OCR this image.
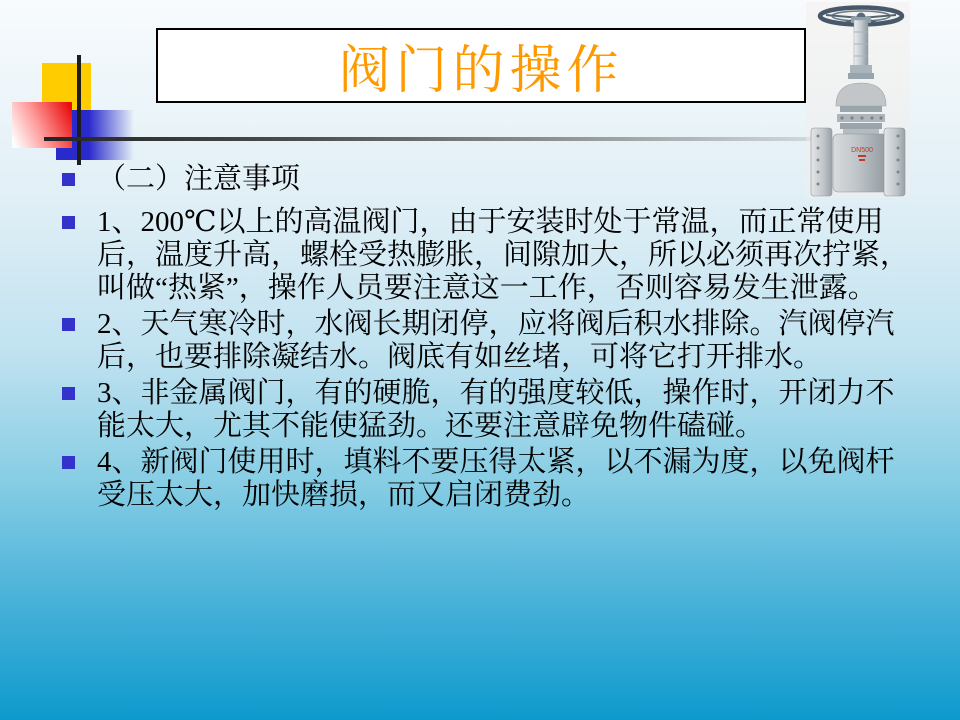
阀门的操作
DN500
（二）注意事项
1、200℃以上的高温阀门，由于安装时处于常温，而正常使用后，温度升高，螺栓受热膨胀，间隙加大，所以必须再次拧紧，叫做“热紧”，操作人员要注意这一工作，否则容易发生泄露。
2、天气寒冷时，水阀长期闭停，应将阀后积水排除。汽阀停汽后，也要排除凝结水。阀底有如丝堵，可将它打开排水。
3、非金属阀门，有的硬脆，有的强度较低，操作时，开闭力不能太大，尤其不能使猛劲。还要注意辟免物件磕碰。
4、新阀门使用时，填料不要压得太紧，以不漏为度，以免阀杆受压太大，加快磨损，而又启闭费劲。
